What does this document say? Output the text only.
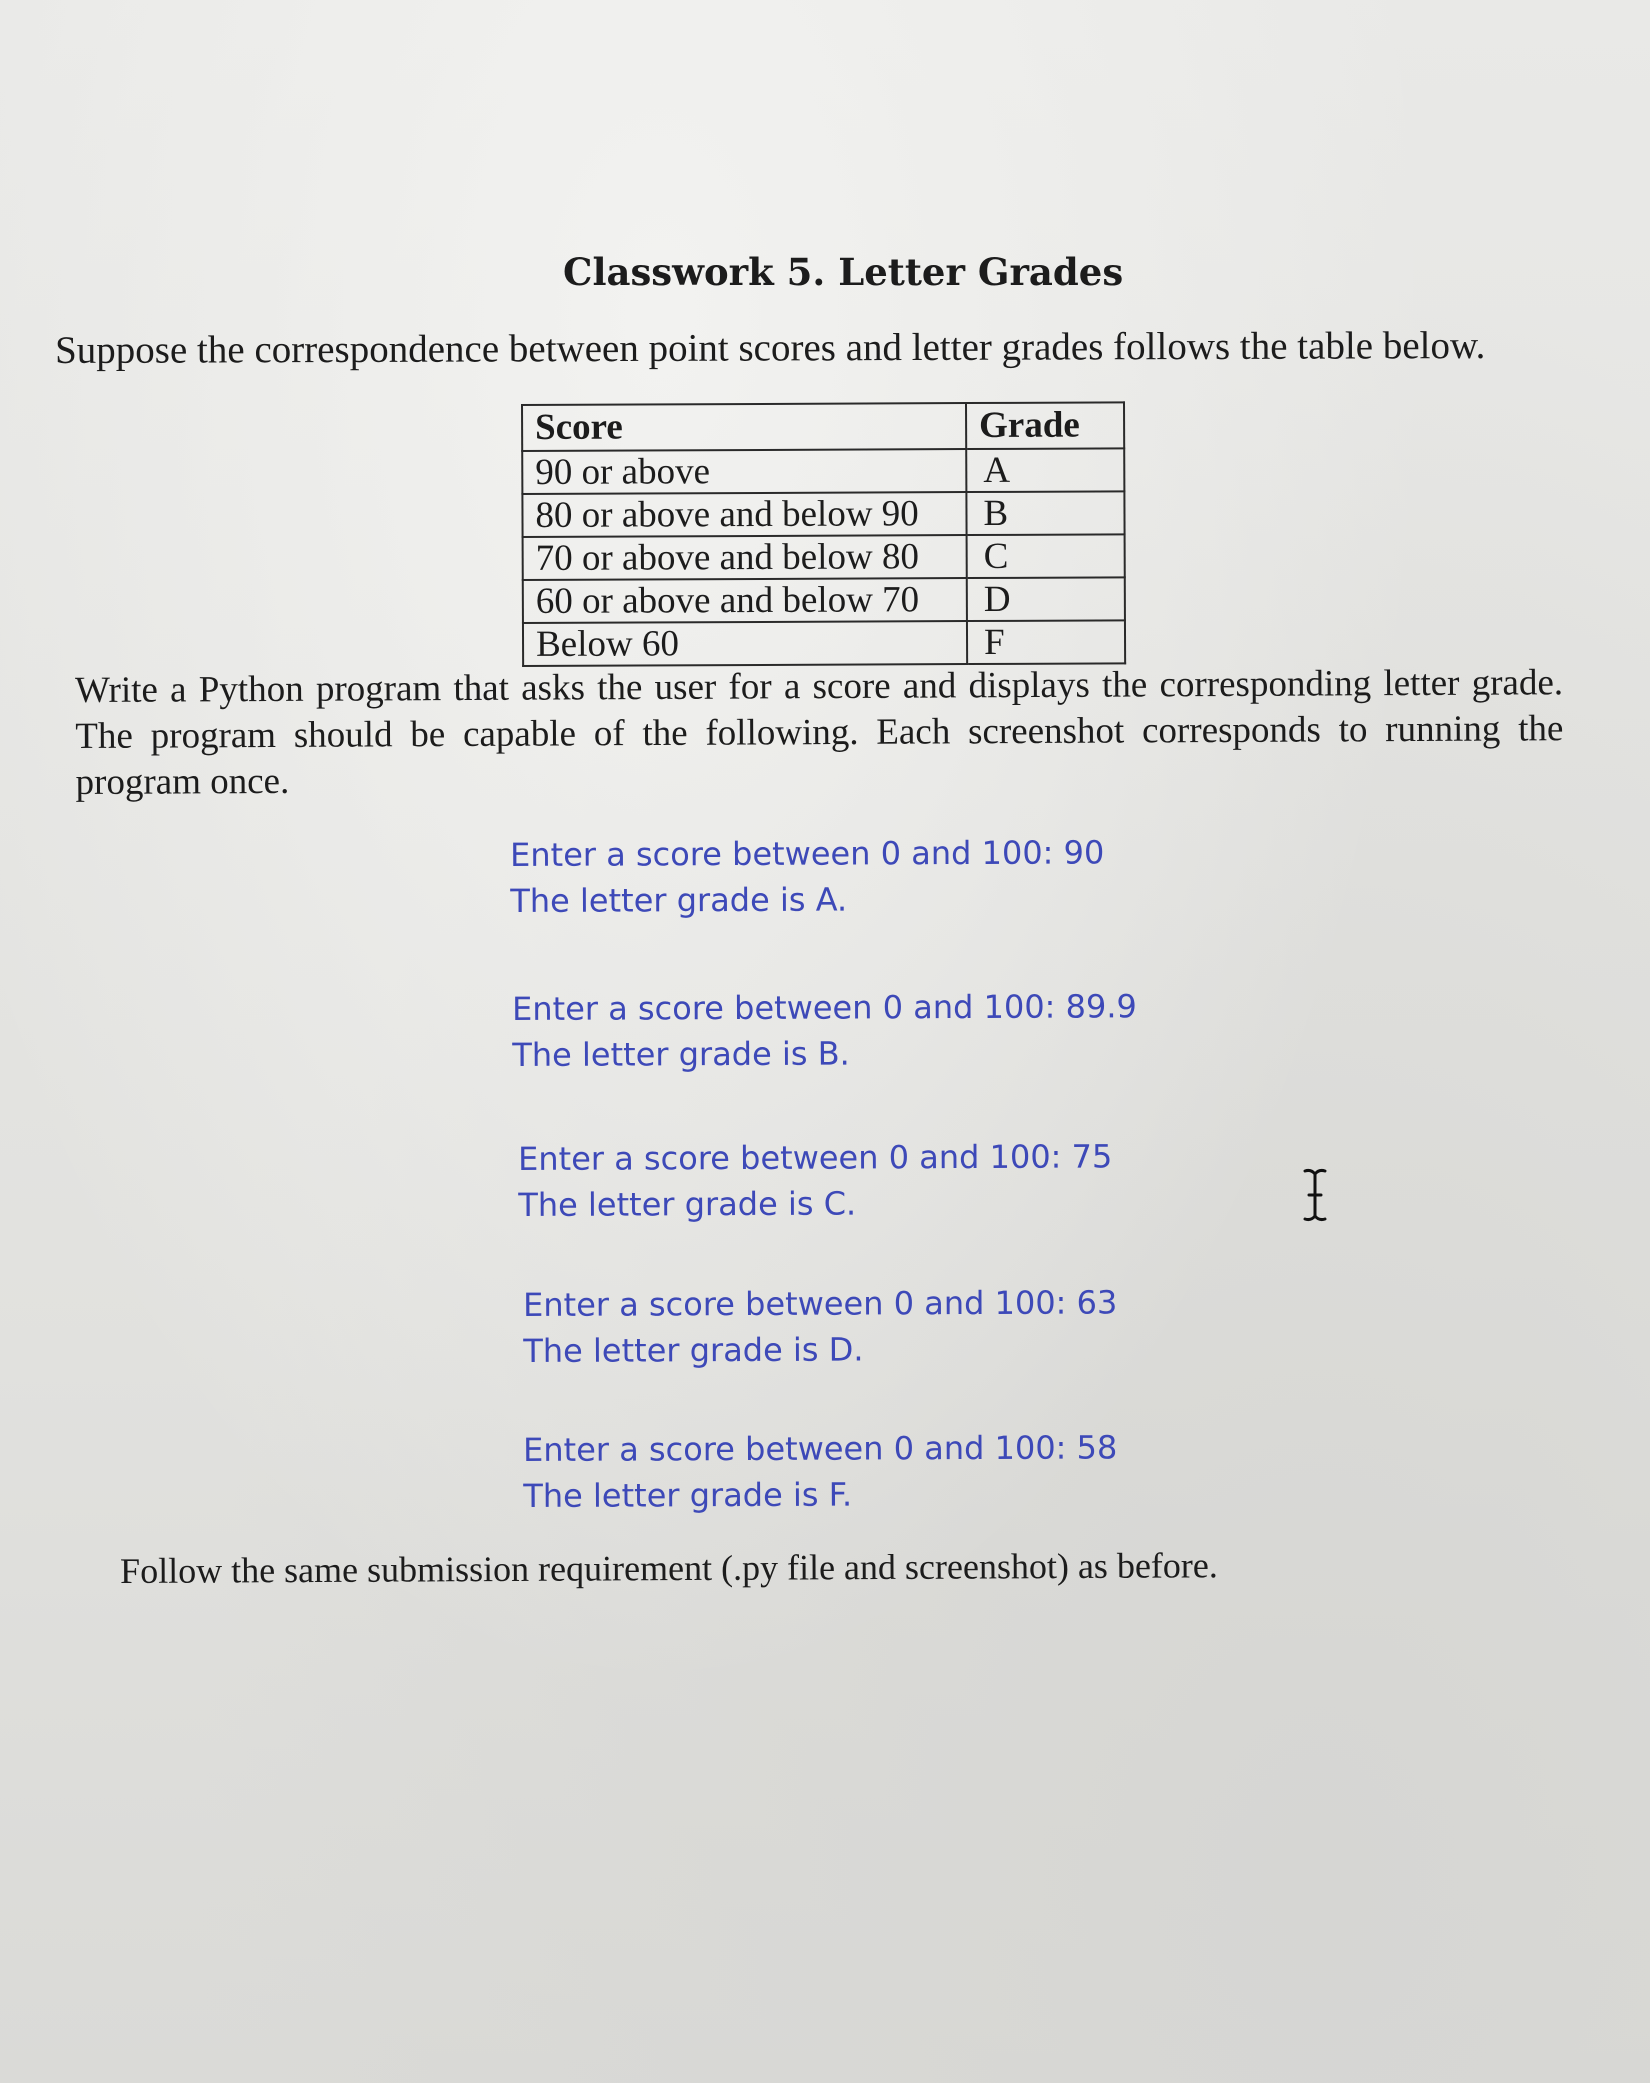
Classwork 5. Letter Grades
Suppose the correspondence between point scores and letter grades follows the table below.
Score	Grade
90 or above	A
80 or above and below 90	B
70 or above and below 80	C
60 or above and below 70	D
Below 60	F
Write a Python program that asks the user for a score and displays the corresponding letter grade. The program should be capable of the following. Each screenshot corresponds to running the program once.
Enter a score between 0 and 100: 90
The letter grade is A.
Enter a score between 0 and 100: 89.9
The letter grade is B.
Enter a score between 0 and 100: 75
The letter grade is C.
Enter a score between 0 and 100: 63
The letter grade is D.
Enter a score between 0 and 100: 58
The letter grade is F.
Follow the same submission requirement (.py file and screenshot) as before.
